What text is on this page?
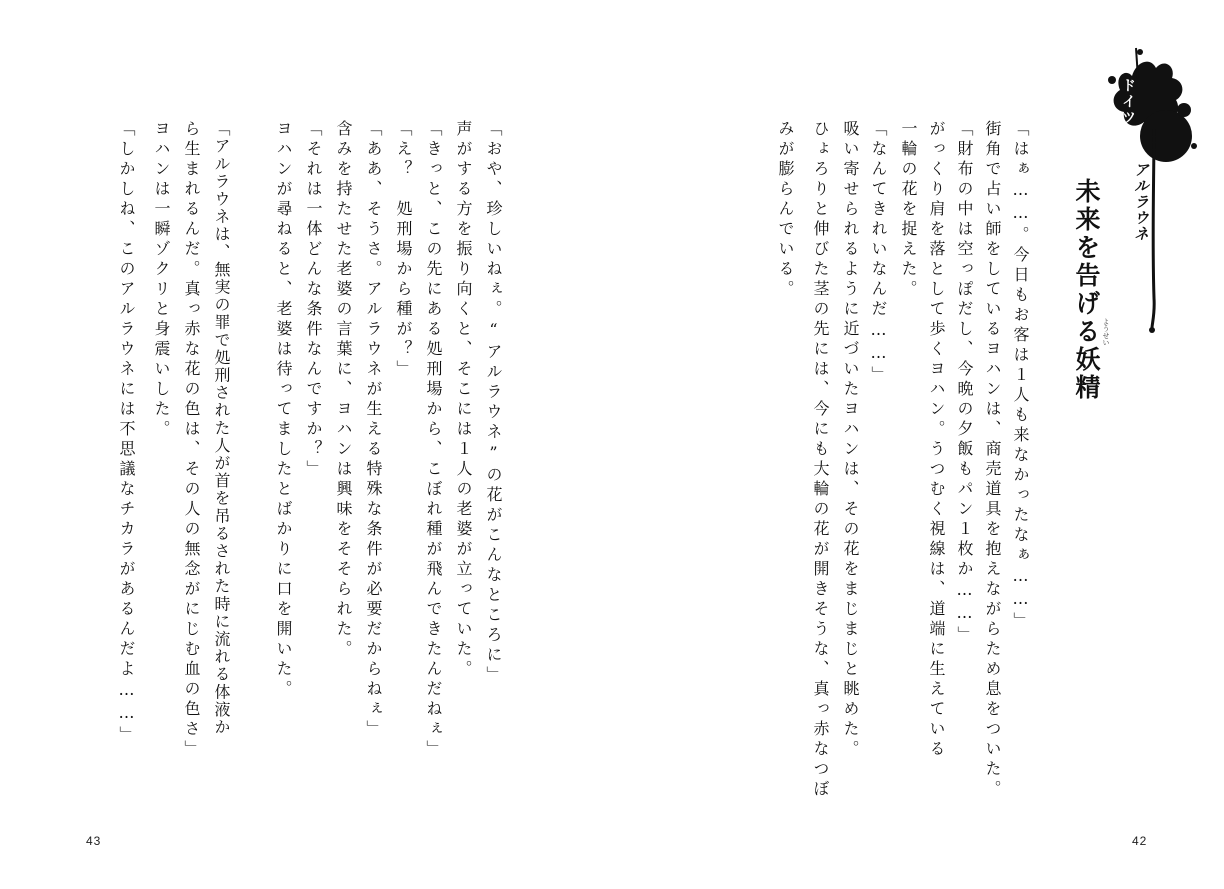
「おや、珍しいねぇ。“アルラウネ”の花がこんなところに」
声がする方を振り向くと、そこには１人の老婆が立っていた。
「きっと、この先にある処刑場から、こぼれ種が飛んできたんだねぇ」
「え？　処刑場から種が？」
「ああ、そうさ。アルラウネが生える特殊な条件が必要だからねぇ」
含みを持たせた老婆の言葉に、ヨハンは興味をそそられた。
「それは一体どんな条件なんですか？」
ヨハンが尋ねると、老婆は待ってましたとばかりに口を開いた。
「アルラウネは、無実の罪で処刑された人が首を吊るされた時に流れる体液か
ら生まれるんだ。真っ赤な花の色は、その人の無念がにじむ血の色さ」
ヨハンは一瞬ゾクリと身震いした。
「しかしね、このアルラウネには不思議なチカラがあるんだよ……」
43
ドイツ
アルラウネ
未来を告げる妖精 ようせい
「はぁ……。今日もお客は１人も来なかったなぁ……」
街角で占い師をしているヨハンは、商売道具を抱えながらため息をついた。
「財布の中は空っぽだし、今晩の夕飯もパン１枚か……」
がっくり肩を落として歩くヨハン。うつむく視線は、道端に生えている
一輪の花を捉えた。
「なんてきれいなんだ……」
吸い寄せられるように近づいたヨハンは、その花をまじまじと眺めた。
ひょろりと伸びた茎の先には、今にも大輪の花が開きそうな、真っ赤なつぼ
みが膨らんでいる。
42
